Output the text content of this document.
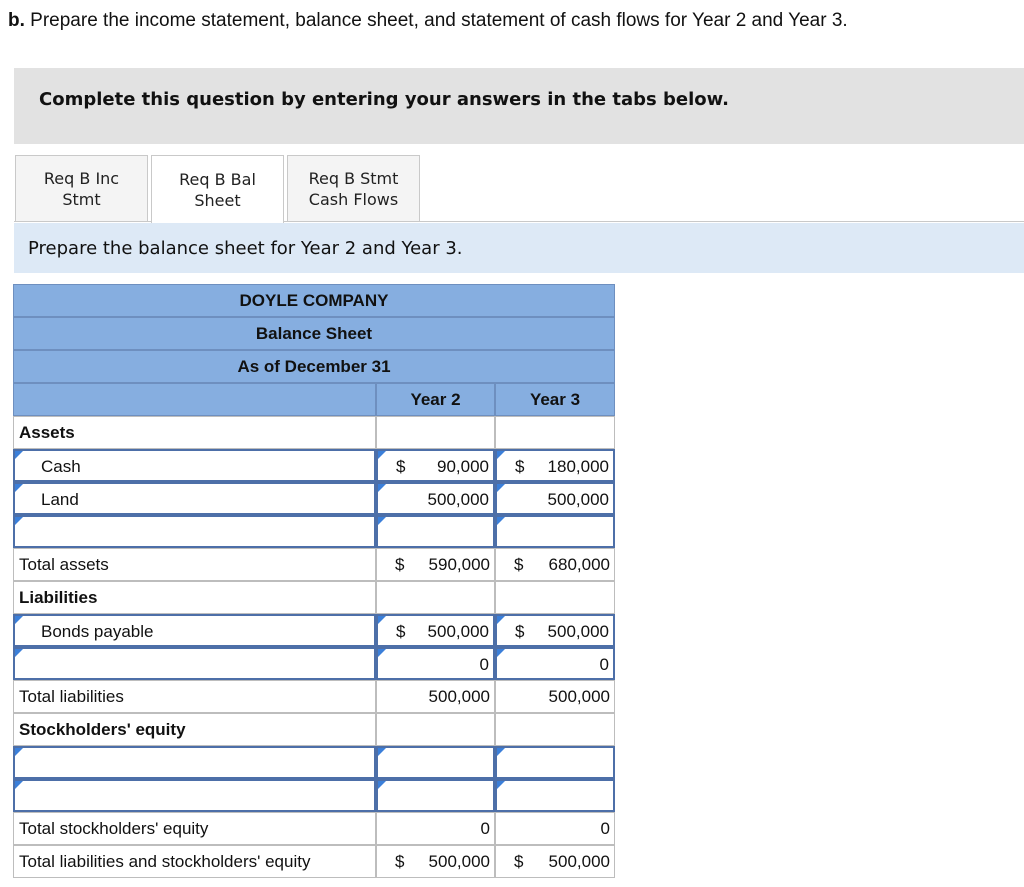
b. Prepare the income statement, balance sheet, and statement of cash flows for Year 2 and Year 3.
Complete this question by entering your answers in the tabs below.
Req B Inc
Stmt
Req B Bal
Sheet
Req B Stmt
Cash Flows
Prepare the balance sheet for Year 2 and Year 3.
DOYLE COMPANY
Balance Sheet
As of December 31
Year 2	Year 3
Assets
Cash	$ 90,000 $ 180,000
Land	500,000	500,000
Total assets	$ 590,000 $ 680,000
Liabilities
Bonds payable	$ 500,000 $ 500,000
0	0
Total liabilities	500,000	500,000
Stockholders' equity
Total stockholders' equity	0	0
Total liabilities and stockholders' equity	$ 500,000 $ 500,000
